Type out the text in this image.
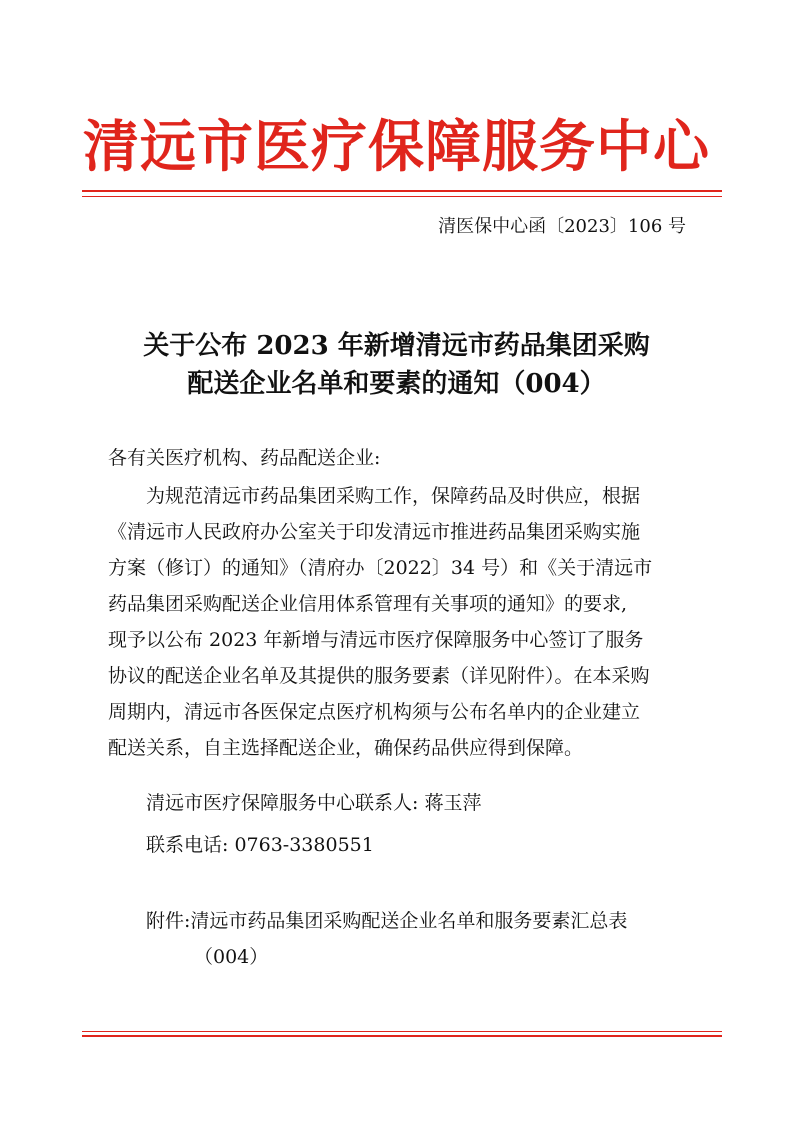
清远市医疗保障服务中心
清医保中心函〔2023〕106 号
关于公布 2023 年新增清远市药品集团采购
配送企业名单和要素的通知（004）
各有关医疗机构、药品配送企业:
为规范清远市药品集团采购工作，保障药品及时供应，根据
《清远市人民政府办公室关于印发清远市推进药品集团采购实施
方案（修订）的通知》（清府办〔2022〕34 号）和《关于清远市
药品集团采购配送企业信用体系管理有关事项的通知》的要求,
现予以公布 2023 年新增与清远市医疗保障服务中心签订了服务
协议的配送企业名单及其提供的服务要素（详见附件）。在本采购
周期内，清远市各医保定点医疗机构须与公布名单内的企业建立
配送关系，自主选择配送企业，确保药品供应得到保障。
清远市医疗保障服务中心联系人: 蒋玉萍
联系电话: 0763-3380551
附件:清远市药品集团采购配送企业名单和服务要素汇总表
（004）
